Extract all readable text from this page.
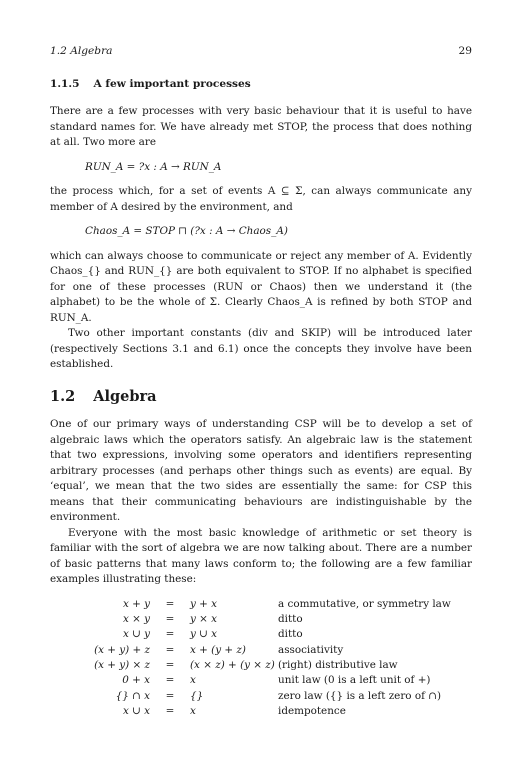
1.2 Algebra	29
1.1.5 A few important processes

There are a few processes with very basic behaviour that it is useful to have standard names for. We have already met STOP, the process that does nothing at all. Two more are

RUN_A = ?x : A → RUN_A

the process which, for a set of events A ⊆ Σ, can always communicate any member of A desired by the environment, and

Chaos_A = STOP ⊓ (?x : A → Chaos_A)

which can always choose to communicate or reject any member of A. Evidently Chaos_{} and RUN_{} are both equivalent to STOP. If no alphabet is specified for one of these processes (RUN or Chaos) then we understand it (the alphabet) to be the whole of Σ. Clearly Chaos_A is refined by both STOP and RUN_A.

Two other important constants (div and SKIP) will be introduced later (respectively Sections 3.1 and 6.1) once the concepts they involve have been established.

1.2 Algebra

One of our primary ways of understanding CSP will be to develop a set of algebraic laws which the operators satisfy. An algebraic law is the statement that two expressions, involving some operators and identifiers representing arbitrary processes (and perhaps other things such as events) are equal. By ‘equal’, we mean that the two sides are essentially the same: for CSP this means that their communicating behaviours are indistinguishable by the environment.

Everyone with the most basic knowledge of arithmetic or set theory is familiar with the sort of algebra we are now talking about. There are a number of basic patterns that many laws conform to; the following are a few familiar examples illustrating these:

x + y	=	y + x	a commutative, or symmetry law
x × y	=	y × x	ditto
x ∪ y	=	y ∪ x	ditto
(x + y) + z	=	x + (y + z)	associativity
(x + y) × z	=	(x × z) + (y × z) (right) distributive law
0 + x	=	x	unit law (0 is a left unit of +)
{} ∩ x	=	{}	zero law ({} is a left zero of ∩)
x ∪ x	=	x	idempotence
